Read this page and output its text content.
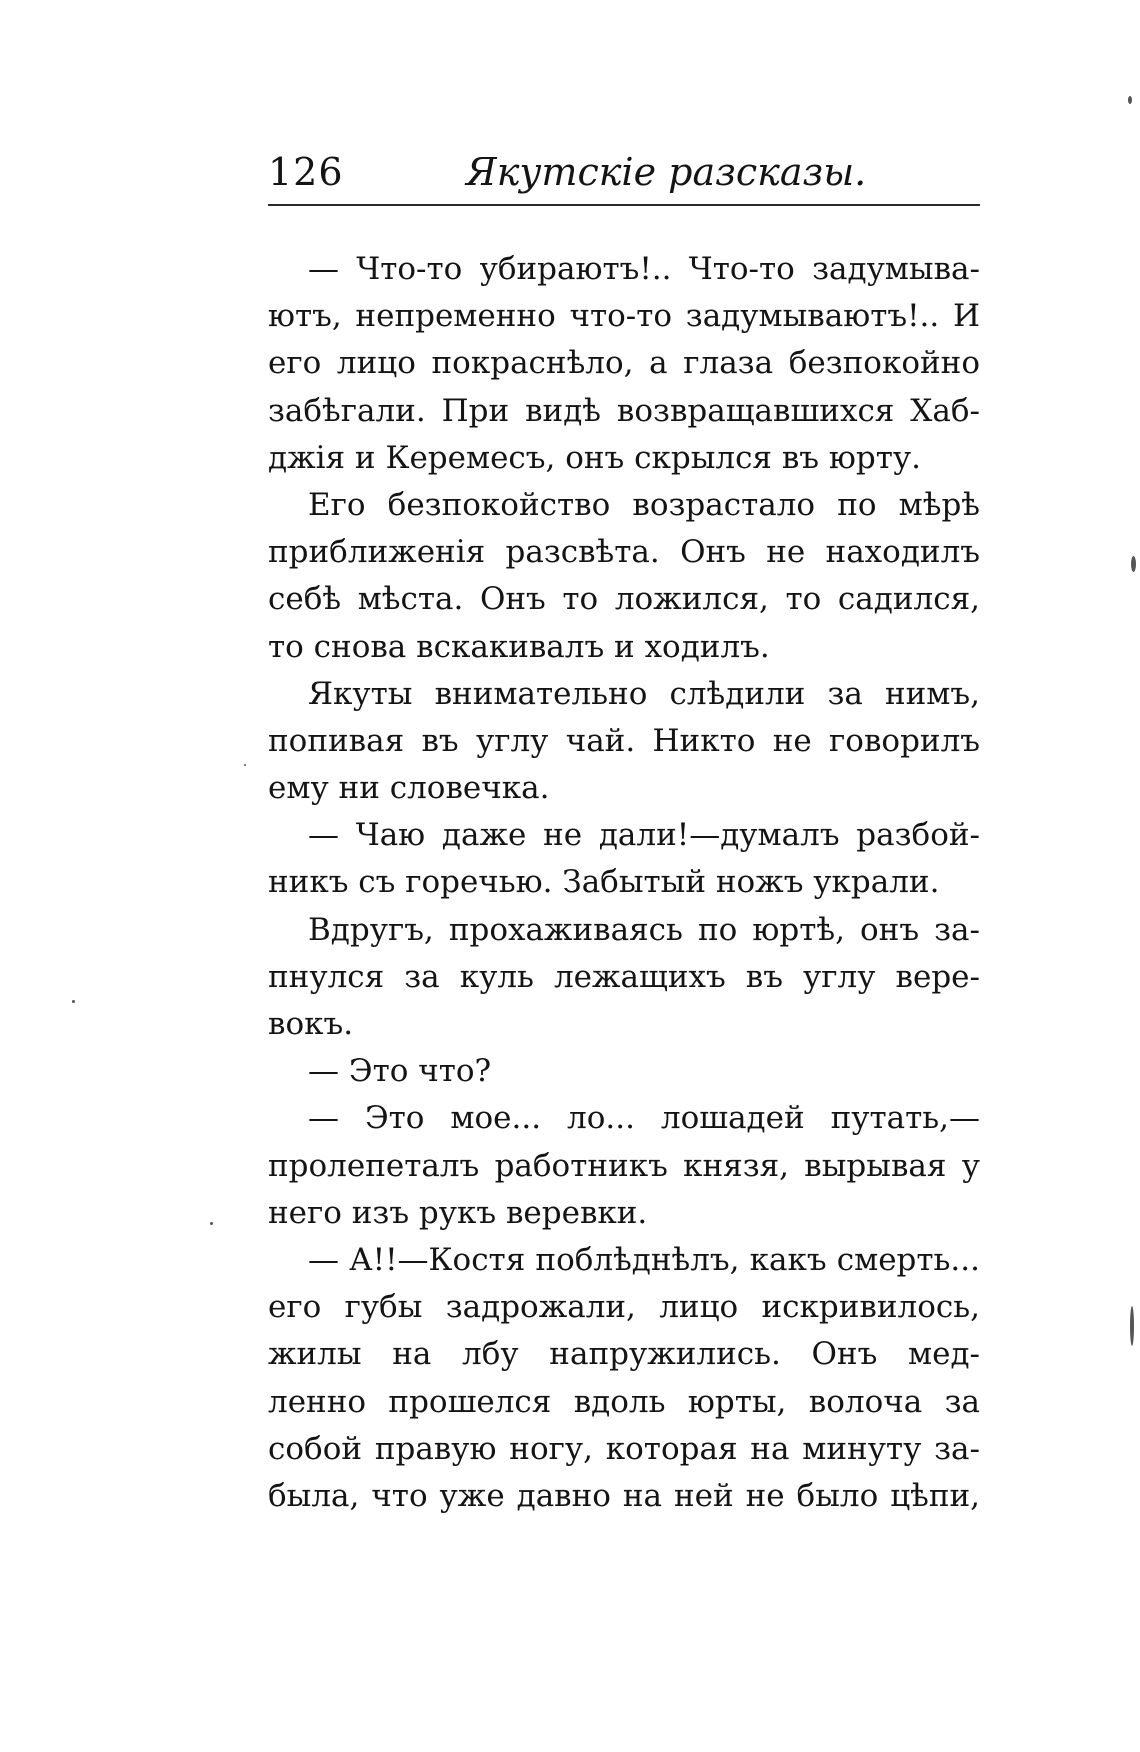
126	Якутскіе разсказы.
— Что-то убираютъ!.. Что-то задумыва-
ютъ, непременно что-то задумываютъ!.. И
его лицо покраснѣло, а глаза безпокойно
забѣгали. При видѣ возвращавшихся Хаб-
джія и Керемесъ, онъ скрылся въ юрту.
Его безпокойство возрастало по мѣрѣ
приближенія разсвѣта. Онъ не находилъ
себѣ мѣста. Онъ то ложился, то садился,
то снова вскакивалъ и ходилъ.
Якуты внимательно слѣдили за нимъ,
попивая въ углу чай. Никто не говорилъ
ему ни словечка.
— Чаю даже не дали!—думалъ разбой-
никъ съ горечью. Забытый ножъ украли.
Вдругъ, прохаживаясь по юртѣ, онъ за-
пнулся за куль лежащихъ въ углу вере-
вокъ.
— Это что?
— Это мое... ло... лошадей путать,—
пролепеталъ работникъ князя, вырывая у
него изъ рукъ веревки.
— А!!—Костя поблѣднѣлъ, какъ смерть...
его губы задрожали, лицо искривилось,
жилы на лбу напружились. Онъ мед-
ленно прошелся вдоль юрты, волоча за
собой правую ногу, которая на минуту за-
была, что уже давно на ней не было цѣпи,
